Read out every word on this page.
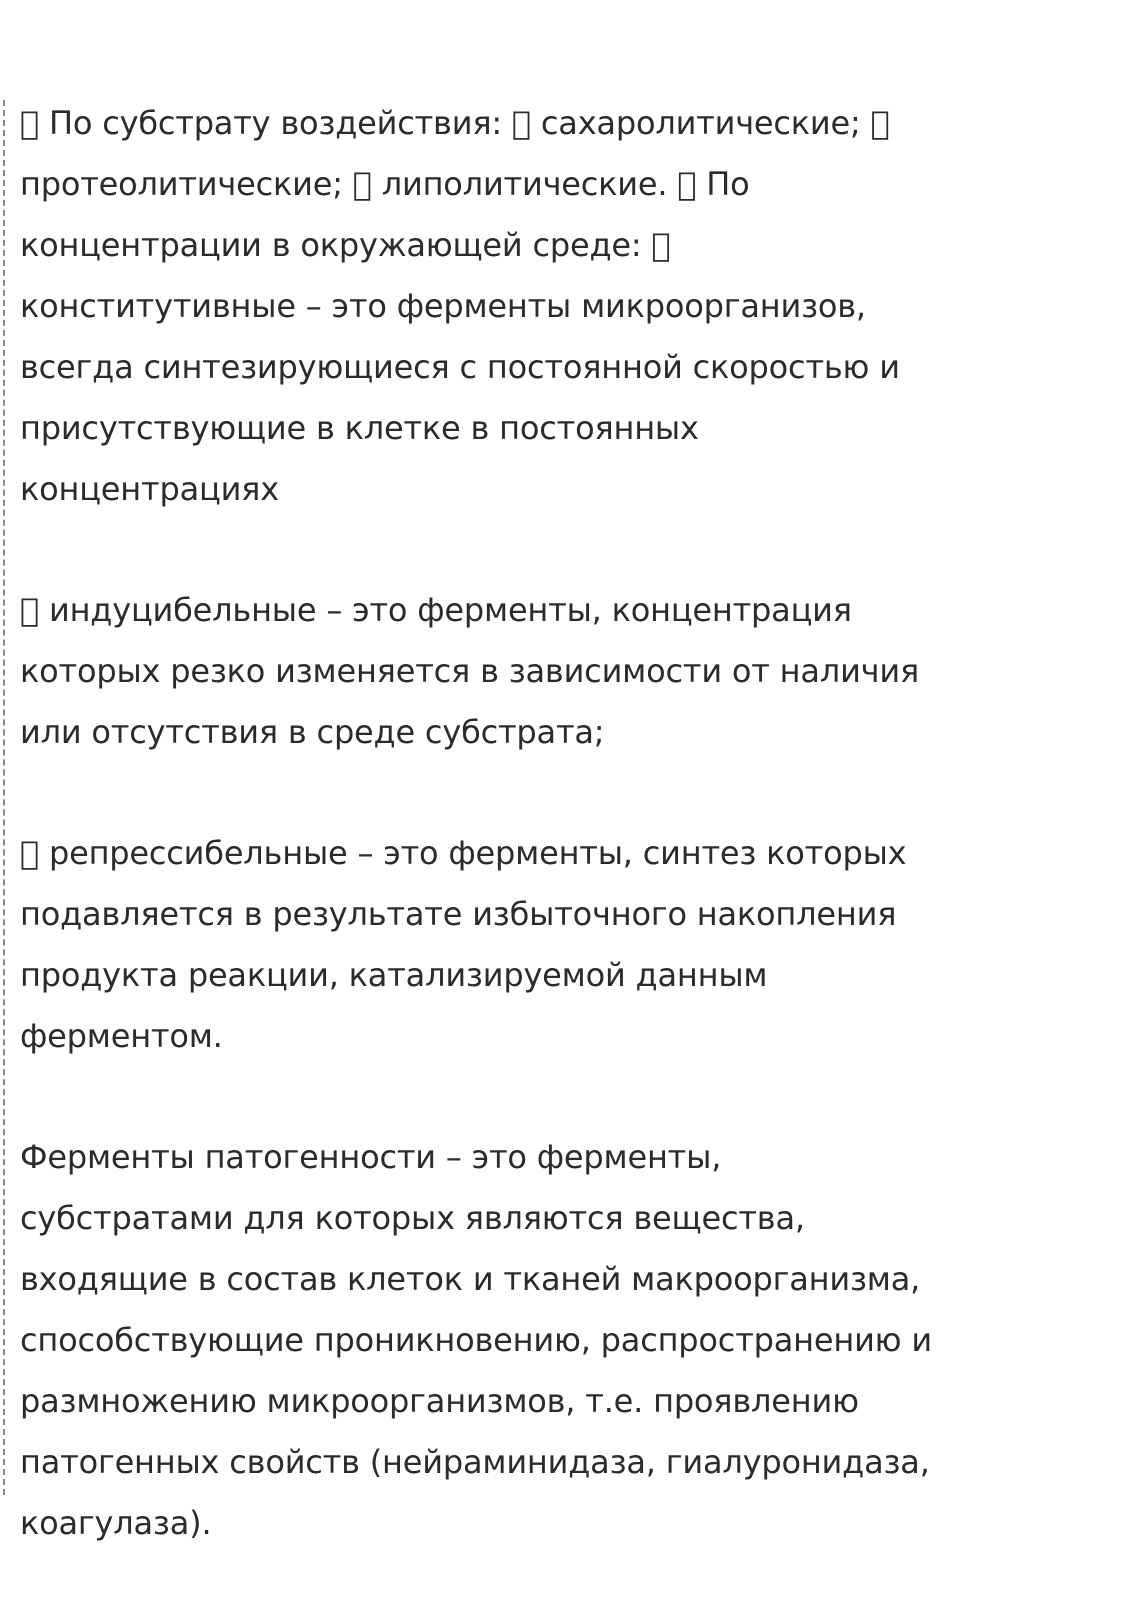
По субстрату воздействия: сахаролитические;
протеолитические; липолитические. По
концентрации в окружающей среде:
конститутивные – это ферменты микроорганизов,
всегда синтезирующиеся с постоянной скоростью и
присутствующие в клетке в постоянных
концентрациях

индуцибельные – это ферменты, концентрация
которых резко изменяется в зависимости от наличия
или отсутствия в среде субстрата;

репрессибельные – это ферменты, синтез которых
подавляется в результате избыточного накопления
продукта реакции, катализируемой данным
ферментом.

Ферменты патогенности – это ферменты,
субстратами для которых являются вещества,
входящие в состав клеток и тканей макроорганизма,
способствующие проникновению, распространению и
размножению микроорганизмов, т.е. проявлению
патогенных свойств (нейраминидаза, гиалуронидаза,
коагулаза).
